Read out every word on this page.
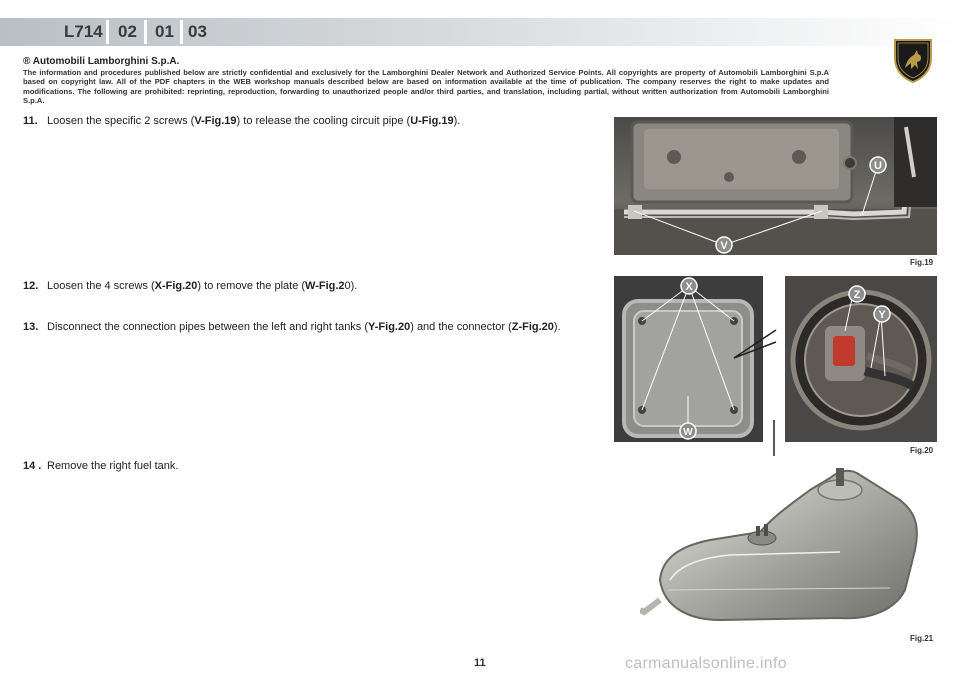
L714 02 01 03
® Automobili Lamborghini S.p.A.

The information and procedures published below are strictly confidential and exclusively for the Lamborghini Dealer Network and Authorized Service Points. All copyrights are property of Automobili Lamborghini S.p.A based on copyright law. All of the PDF chapters in the WEB workshop manuals described below are based on information available at the time of publication. The company reserves the right to make updates and modifications. The following are prohibited: reprinting, reproduction, forwarding to unauthorized people and/or third parties, and translation, including partial, without written authorization from Automobili Lamborghini S.p.A.

11. Loosen the specific 2 screws (V-Fig.19) to release the cooling circuit pipe (U-Fig.19).
12. Loosen the 4 screws (X-Fig.20) to remove the plate (W-Fig.20).
13. Disconnect the connection pipes between the left and right tanks (Y-Fig.20) and the connector (Z-Fig.20).
14 . Remove the right fuel tank.
U
V
Fig.19
X
W
Z
Y
Fig.20
Fig.21
11	carmanualsonline.info
